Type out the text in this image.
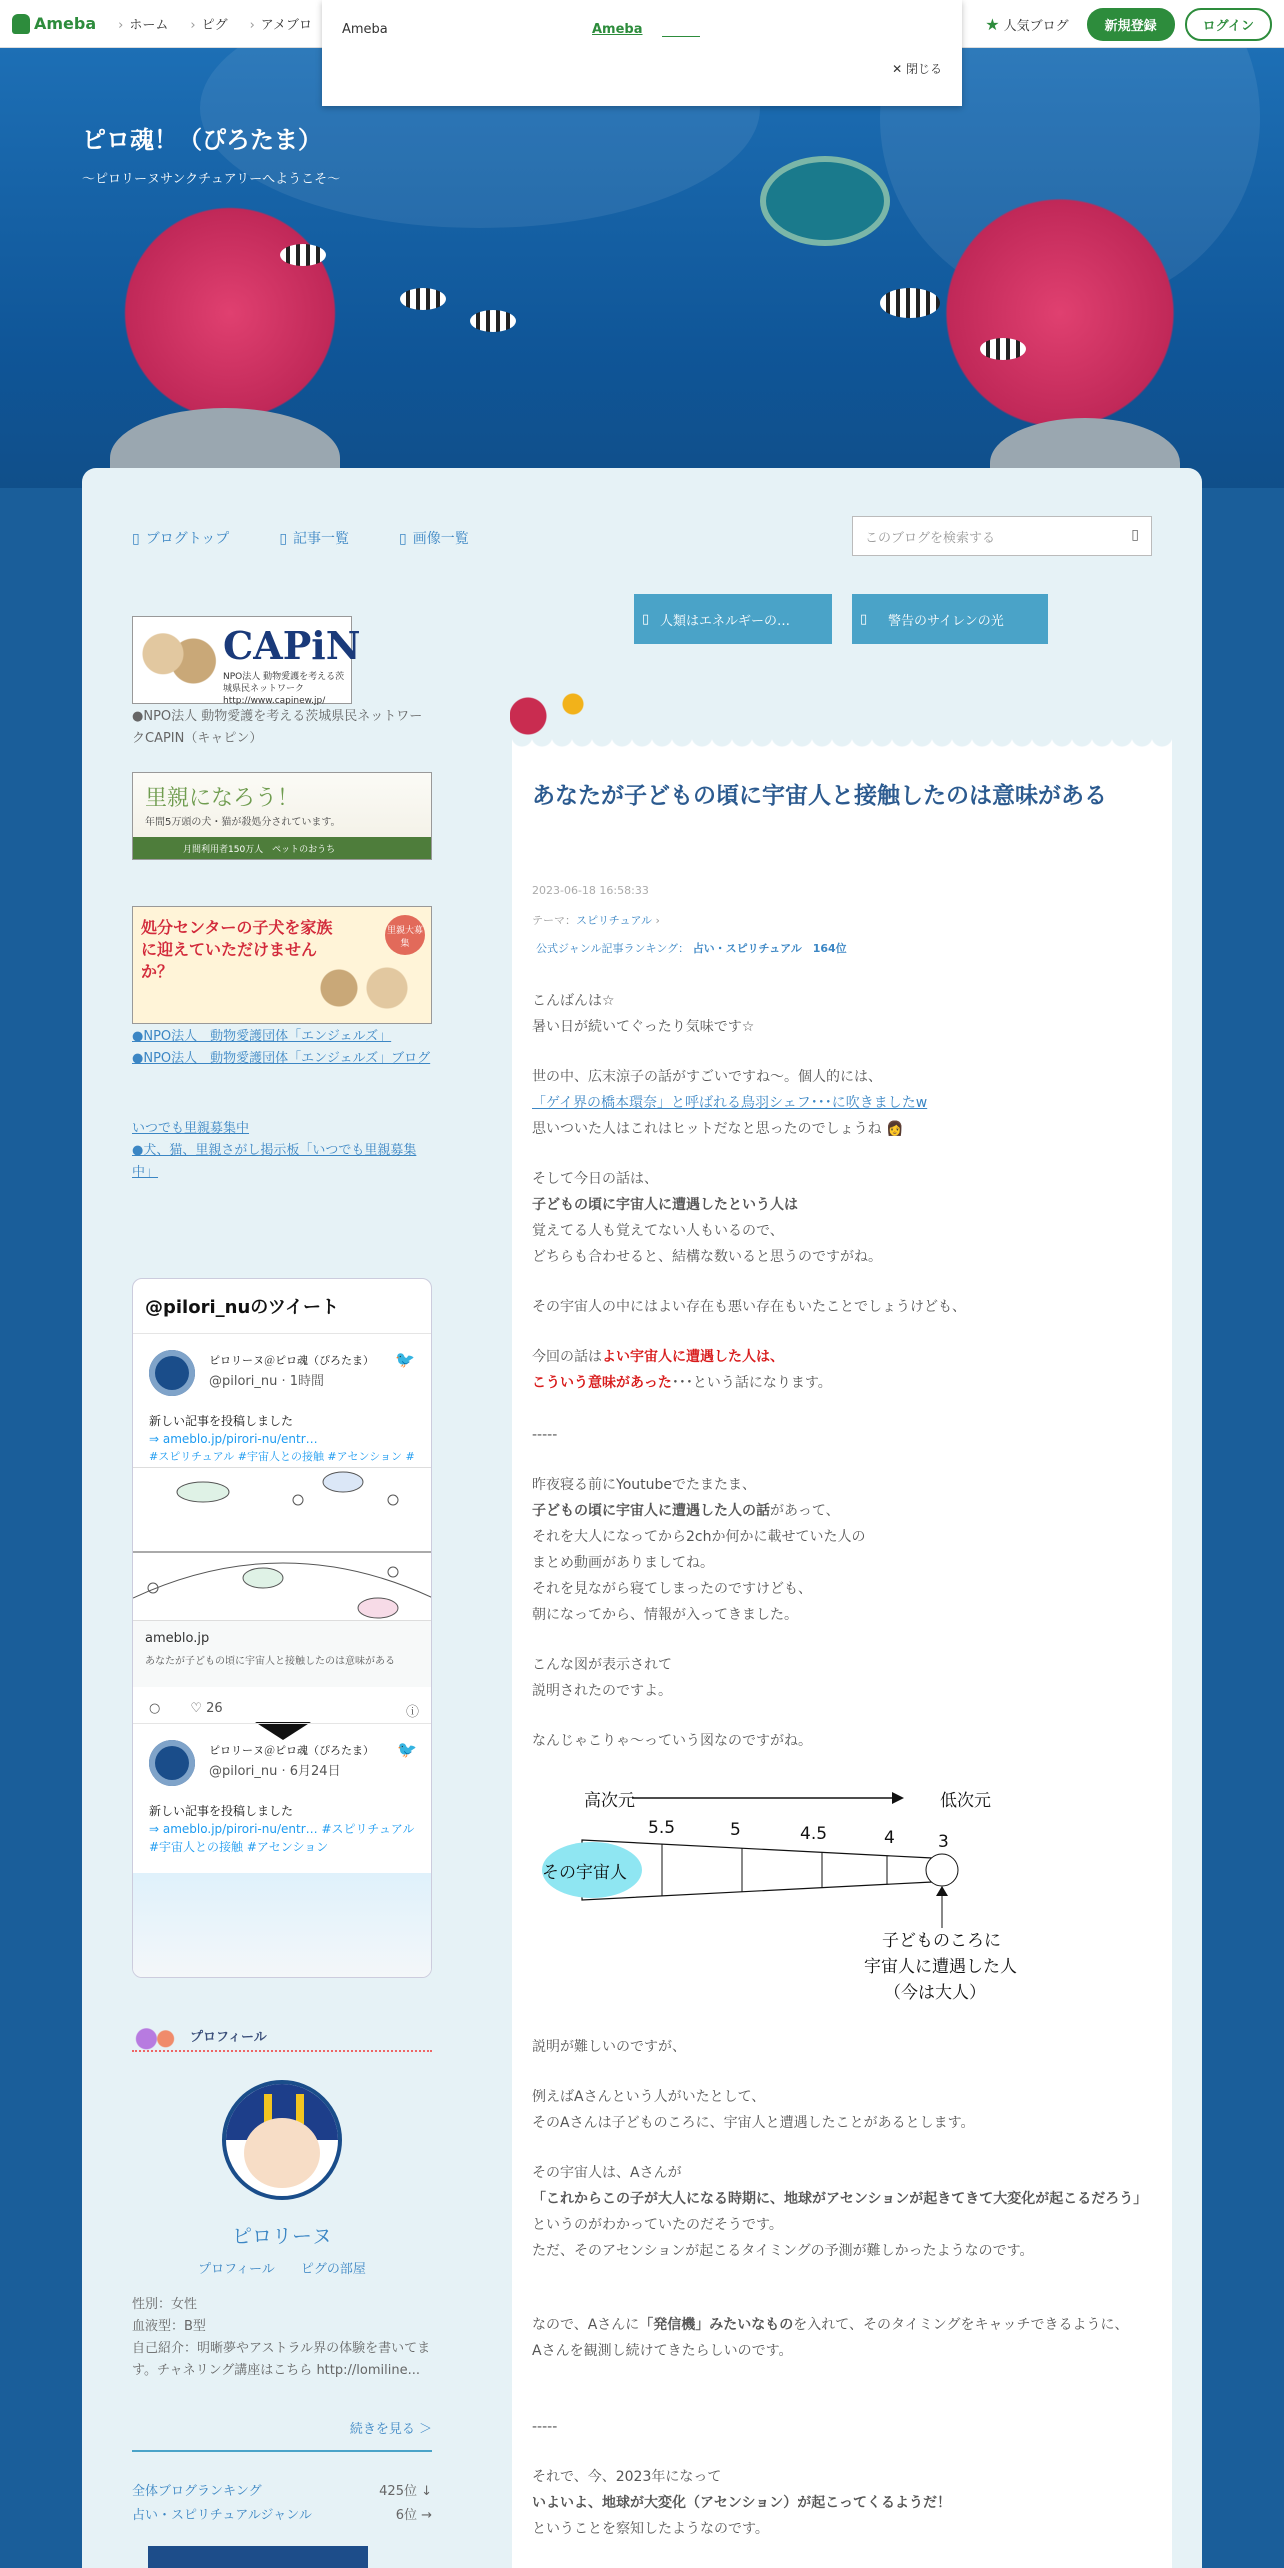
Ameba	› ホーム	› ピグ	› アメブロ	★ 人気ブログ	新規登録	ログイン
Ameba	Ameba
✕ 閉じる
ピロ魂！（ぴろたま）
〜ピロリーヌサンクチュアリーへようこそ〜
▯ ブログトップ	▯ 記事一覧	▯ 画像一覧	このブログを検索する	▯
▯ 人類はエネルギーの…	▯ 警告のサイレンの光
CAPiN
NPO法人 動物愛護を考える茨城県民ネットワーク http://www.capinew.jp/
●NPO法人 動物愛護を考える茨城県民ネットワークCAPIN（キャピン）
里親になろう！
年間5万頭の犬・猫が殺処分されています。
月間利用者150万人　ペットのおうち
処分センターの子犬を家族に迎えていただけませんか？
里親大募集
●NPO法人　動物愛護団体「エンジェルズ」
●NPO法人　動物愛護団体「エンジェルズ」ブログ
いつでも里親募集中
●犬、猫、里親さがし掲示板「いつでも里親募集中」
@pilori_nuのツイート
ピロリーヌ＠ピロ魂（ぴろたま）
@pilori_nu · 1時間
🐦
新しい記事を投稿しました
⇒ ameblo.jp/pirori-nu/entr…
#スピリチュアル #宇宙人との接触 #アセンション #
ameblo.jp
あなたが子どもの頃に宇宙人と接触したのは意味がある
○ ♡ 26	ⓘ
ピロリーヌ＠ピロ魂（ぴろたま）
@pilori_nu · 6月24日
🐦
新しい記事を投稿しました
⇒ ameblo.jp/pirori-nu/entr… #スピリチュアル #宇宙人との接触 #アセンション
プロフィール
ピロリーヌ
プロフィール ピグの部屋
性別：女性
血液型：B型
自己紹介：明晰夢やアストラル界の体験を書いてます。チャネリング講座はこちら http://lomiline...
続きを見る ＞
全体ブログランキング	425位 ↓
占い・スピリチュアルジャンル	6位 →
あなたが子どもの頃に宇宙人と接触したのは意味がある
2023-06-18 16:58:33
テーマ：スピリチュアル ›
公式ジャンル記事ランキング： 占い・スピリチュアル　164位
こんばんは☆
暑い日が続いてぐったり気味です☆
世の中、広末涼子の話がすごいですね〜。個人的には、
「ゲイ界の橋本環奈」と呼ばれる鳥羽シェフ･･･に吹きましたw
思いついた人はこれはヒットだなと思ったのでしょうね 👩
そして今日の話は、
子どもの頃に宇宙人に遭遇したという人は
覚えてる人も覚えてない人もいるので、
どちらも合わせると、結構な数いると思うのですがね。
その宇宙人の中にはよい存在も悪い存在もいたことでしょうけども、
今回の話はよい宇宙人に遭遇した人は、
こういう意味があった･･･という話になります。
-----
昨夜寝る前にYoutubeでたまたま、
子どもの頃に宇宙人に遭遇した人の話があって、
それを大人になってから2chか何かに載せていた人の
まとめ動画がありましてね。
それを見ながら寝てしまったのですけども、
朝になってから、情報が入ってきました。
こんな図が表示されて
説明されたのですよ。
なんじゃこりゃ〜っていう図なのですがね。
高次元	低次元
5.5	5	4.5	4	3
その宇宙人
子どものころに
宇宙人に遭遇した人
（今は大人）
説明が難しいのですが、
例えばAさんという人がいたとして、
そのAさんは子どものころに、宇宙人と遭遇したことがあるとします。
その宇宙人は、Aさんが
「これからこの子が大人になる時期に、地球がアセンションが起きてきて大変化が起こるだろう」
というのがわかっていたのだそうです。
ただ、そのアセンションが起こるタイミングの予測が難しかったようなのです。
なので、Aさんに「発信機」みたいなものを入れて、そのタイミングをキャッチできるように、
Aさんを観測し続けてきたらしいのです。
-----
それで、今、2023年になって
いよいよ、地球が大変化（アセンション）が起こってくるようだ！
ということを察知したようなのです。
